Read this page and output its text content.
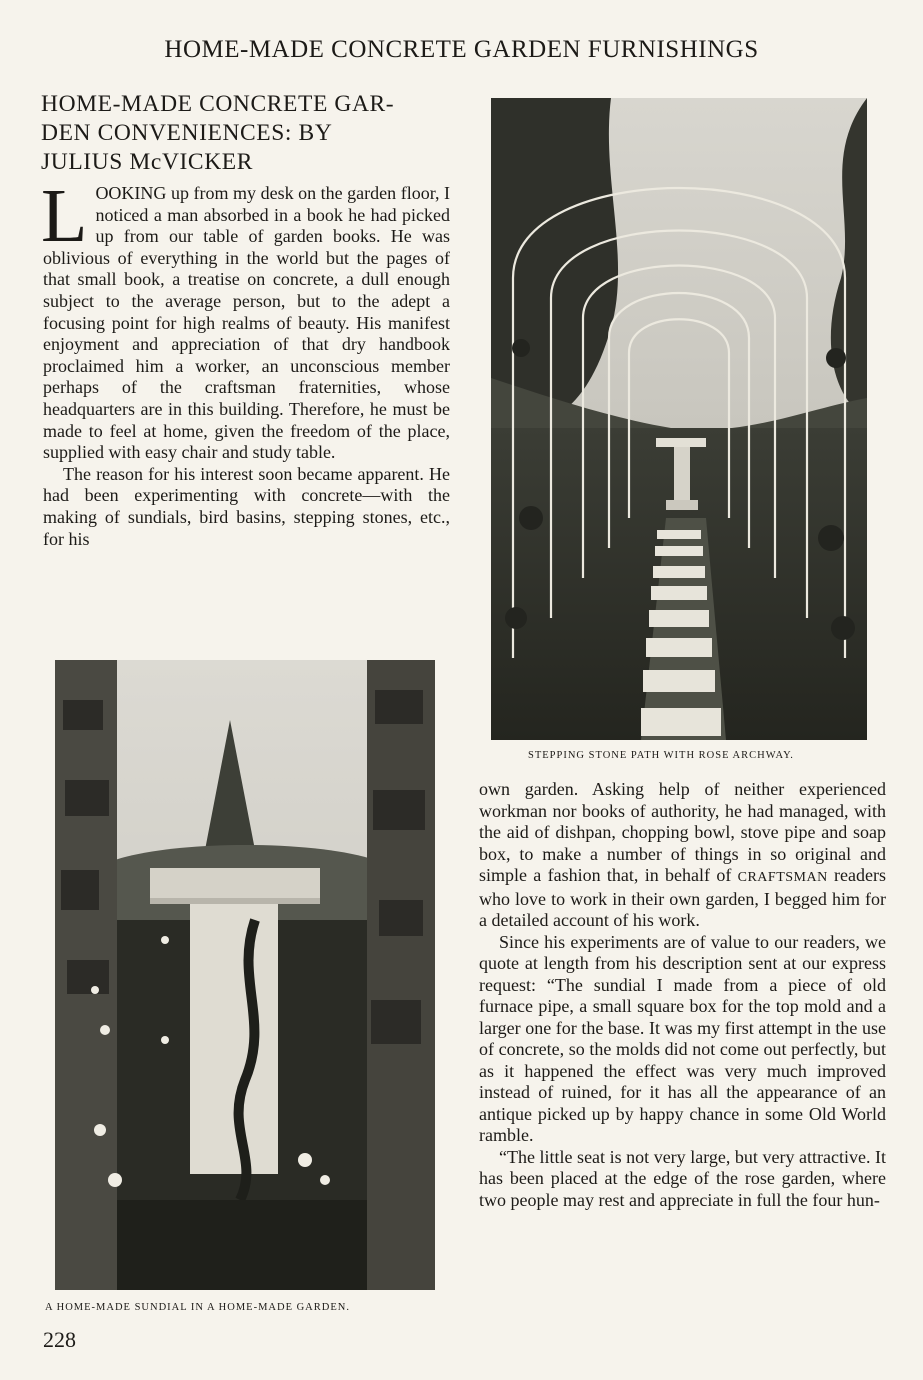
HOME-MADE CONCRETE GARDEN FURNISHINGS
HOME-MADE CONCRETE GAR-
DEN CONVENIENCES: BY
JULIUS McVICKER

LOOKING up from my desk on the garden floor, I noticed a man absorbed in a book he had picked up from our table of garden books. He was oblivious of everything in the world but the pages of that small book, a treatise on concrete, a dull enough subject to the average person, but to the adept a focusing point for high realms of beauty. His manifest enjoyment and appreciation of that dry handbook proclaimed him a worker, an unconscious member perhaps of the craftsman fraternities, whose headquarters are in this building. Therefore, he must be made to feel at home, given the freedom of the place, supplied with easy chair and study table.

The reason for his interest soon became apparent. He had been experimenting with concrete—with the making of sundials, bird basins, stepping stones, etc., for his

STEPPING STONE PATH WITH ROSE ARCHWAY.
A HOME-MADE SUNDIAL IN A HOME-MADE GARDEN.

own garden. Asking help of neither experienced workman nor books of authority, he had managed, with the aid of dishpan, chopping bowl, stove pipe and soap box, to make a number of things in so original and simple a fashion that, in behalf of CRAFTSMAN readers who love to work in their own garden, I begged him for a detailed account of his work.

Since his experiments are of value to our readers, we quote at length from his description sent at our express request: “The sundial I made from a piece of old furnace pipe, a small square box for the top mold and a larger one for the base. It was my first attempt in the use of concrete, so the molds did not come out perfectly, but as it happened the effect was very much improved instead of ruined, for it has all the appearance of an antique picked up by happy chance in some Old World ramble.

“The little seat is not very large, but very attractive. It has been placed at the edge of the rose garden, where two people may rest and appreciate in full the four hun-

228
